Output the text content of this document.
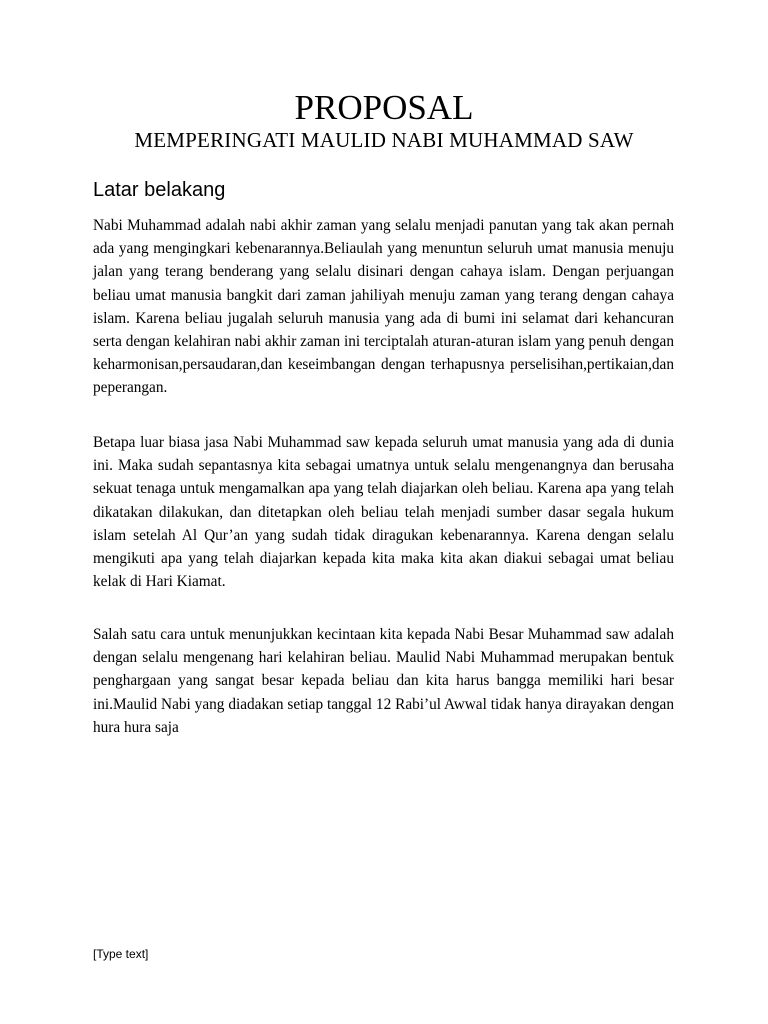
PROPOSAL
MEMPERINGATI MAULID NABI MUHAMMAD SAW
Latar belakang

Nabi Muhammad adalah nabi akhir zaman yang selalu menjadi panutan yang tak akan pernah ada yang mengingkari kebenarannya.Beliaulah yang menuntun seluruh umat manusia menuju jalan yang terang benderang yang selalu disinari dengan cahaya islam. Dengan perjuangan beliau umat manusia bangkit dari zaman jahiliyah menuju zaman yang terang dengan cahaya islam. Karena beliau jugalah seluruh manusia yang ada di bumi ini selamat dari kehancuran serta dengan kelahiran nabi akhir zaman ini terciptalah aturan-aturan islam yang penuh dengan keharmonisan,persaudaran,dan keseimbangan dengan terhapusnya perselisihan,pertikaian,dan peperangan.

Betapa luar biasa jasa Nabi Muhammad saw kepada seluruh umat manusia yang ada di dunia ini. Maka sudah sepantasnya kita sebagai umatnya untuk selalu mengenangnya dan berusaha sekuat tenaga untuk mengamalkan apa yang telah diajarkan oleh beliau. Karena apa yang telah dikatakan dilakukan, dan ditetapkan oleh beliau telah menjadi sumber dasar segala hukum islam setelah Al Qur’an yang sudah tidak diragukan kebenarannya. Karena dengan selalu mengikuti apa yang telah diajarkan kepada kita maka kita akan diakui sebagai umat beliau kelak di Hari Kiamat.

Salah satu cara untuk menunjukkan kecintaan kita kepada Nabi Besar Muhammad saw adalah dengan selalu mengenang hari kelahiran beliau. Maulid Nabi Muhammad merupakan bentuk penghargaan yang sangat besar kepada beliau dan kita harus bangga memiliki hari besar ini.Maulid Nabi yang diadakan setiap tanggal 12 Rabi’ul Awwal tidak hanya dirayakan dengan hura hura saja

[Type text]
